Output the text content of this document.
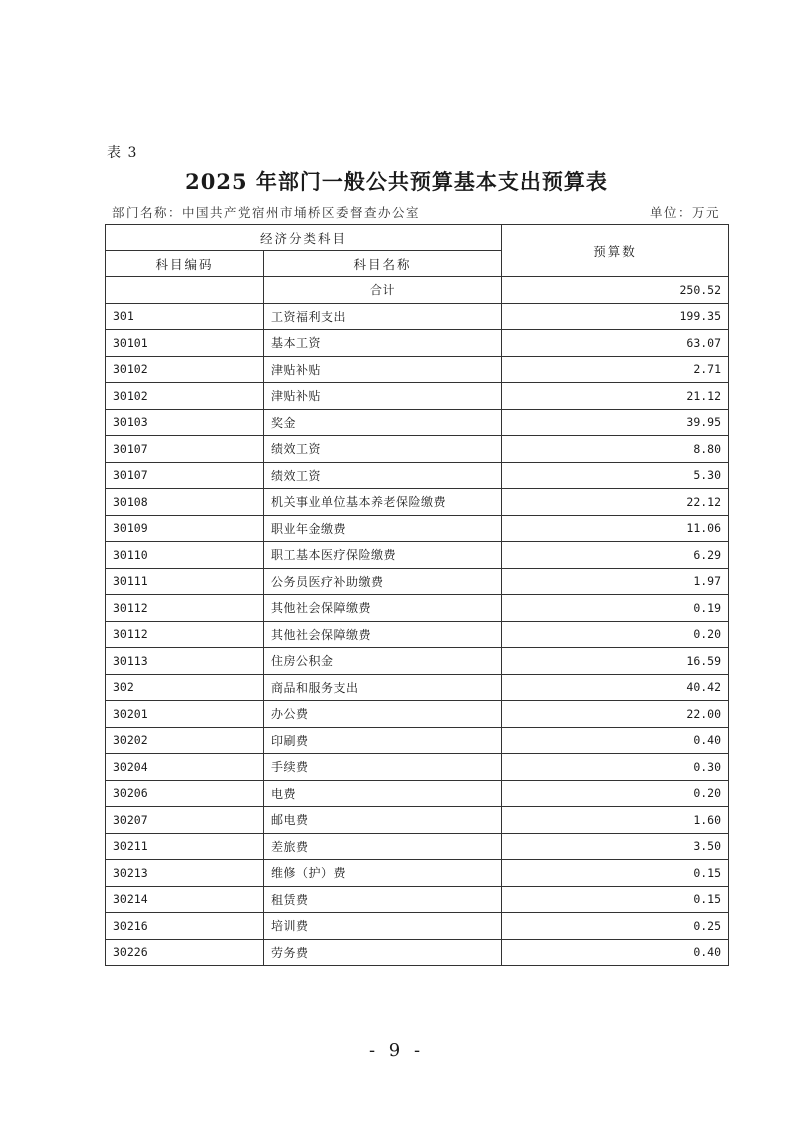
表 3
2025 年部门一般公共预算基本支出预算表
部门名称：中国共产党宿州市埇桥区委督查办公室	单位：万元
经济分类科目		预算数
科目编码	科目名称	
	合计	250.52
301	工资福利支出	199.35
30101	基本工资	63.07
30102	津贴补贴	2.71
30102	津贴补贴	21.12
30103	奖金	39.95
30107	绩效工资	8.80
30107	绩效工资	5.30
30108	机关事业单位基本养老保险缴费	22.12
30109	职业年金缴费	11.06
30110	职工基本医疗保险缴费	6.29
30111	公务员医疗补助缴费	1.97
30112	其他社会保障缴费	0.19
30112	其他社会保障缴费	0.20
30113	住房公积金	16.59
302	商品和服务支出	40.42
30201	办公费	22.00
30202	印刷费	0.40
30204	手续费	0.30
30206	电费	0.20
30207	邮电费	1.60
30211	差旅费	3.50
30213	维修（护）费	0.15
30214	租赁费	0.15
30216	培训费	0.25
30226	劳务费	0.40
- 9 -
